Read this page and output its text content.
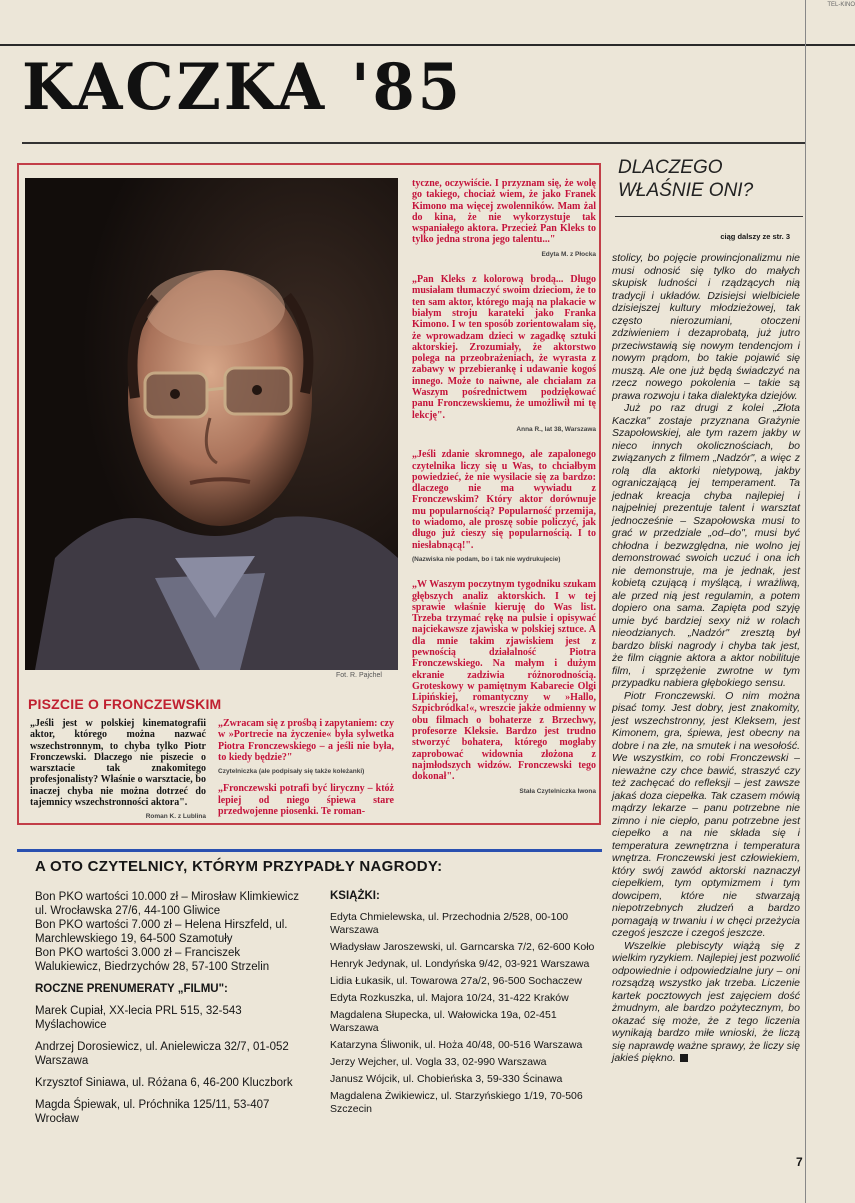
TEL-KINO
KACZKA '85
Fot. R. Pajchel
PISZCIE O FRONCZEWSKIM
„Jeśli jest w polskiej kinematografii aktor, którego można nazwać wszechstronnym, to chyba tylko Piotr Fronczewski. Dlaczego nie piszecie o warsztacie tak znakomitego profesjonalisty? Właśnie o warsztacie, bo inaczej chyba nie można dotrzeć do tajemnicy wszechstronności aktora".
Roman K. z Lublina
„Zwracam się z prośbą i zapytaniem: czy w »Portrecie na życzenie« była sylwetka Piotra Fronczewskiego – a jeśli nie była, to kiedy będzie?"
Czytelniczka (ale podpisały się także koleżanki)
„Fronczewski potrafi być liryczny – któż lepiej od niego śpiewa stare przedwojenne piosenki. Te roman-
tyczne, oczywiście. I przyznam się, że wolę go takiego, chociaż wiem, że jako Franek Kimono ma więcej zwolenników. Mam żal do kina, że nie wykorzystuje tak wspaniałego aktora. Przecież Pan Kleks to tylko jedna strona jego talentu..."
Edyta M. z Płocka
„Pan Kleks z kolorową brodą... Długo musiałam tłumaczyć swoim dzieciom, że to ten sam aktor, którego mają na plakacie w białym stroju karateki jako Franka Kimono. I w ten sposób zorientowałam się, że wprowadzam dzieci w zagadkę sztuki aktorskiej. Zrozumiały, że aktorstwo polega na przeobrażeniach, że wyrasta z zabawy w przebierankę i udawanie kogoś innego. Może to naiwne, ale chciałam za Waszym pośrednictwem podziękować panu Fronczewskiemu, że umożliwił mi tę lekcję".
Anna R., lat 38, Warszawa
„Jeśli zdanie skromnego, ale zapalonego czytelnika liczy się u Was, to chciałbym powiedzieć, że nie wysilacie się za bardzo: dlaczego nie ma wywiadu z Fronczewskim? Który aktor dorównuje mu popularnością? Popularność przemija, to wiadomo, ale proszę sobie policzyć, jak długo już cieszy się popularnością. I to niesłabnącą!".
(Nazwiska nie podam, bo i tak nie wydrukujecie)
„W Waszym poczytnym tygodniku szukam głębszych analiz aktorskich. I w tej sprawie właśnie kieruję do Was list. Trzeba trzymać rękę na pulsie i opisywać najciekawsze zjawiska w polskiej sztuce. A dla mnie takim zjawiskiem jest z pewnością działalność Piotra Fronczewskiego. Na małym i dużym ekranie zadziwia różnorodnością. Groteskowy w pamiętnym Kabarecie Olgi Lipińskiej, romantyczny w »Hallo, Szpicbródka!«, wreszcie jakże odmienny w obu filmach o bohaterze z Brzechwy, profesorze Kleksie. Bardzo jest trudno stworzyć bohatera, którego mogłaby zaprobować widownia złożona z najmłodszych widzów. Fronczewski tego dokonał".
Stała Czytelniczka Iwona
A OTO CZYTELNICY, KTÓRYM PRZYPADŁY NAGRODY:
Bon PKO wartości 10.000 zł – Mirosław Klimkiewicz ul. Wrocławska 27/6, 44-100 Gliwice
Bon PKO wartości 7.000 zł – Helena Hirszfeld, ul. Marchlewskiego 19, 64-500 Szamotuły
Bon PKO wartości 3.000 zł – Franciszek Walukiewicz, Biedrzychów 28, 57-100 Strzelin
ROCZNE PRENUMERATY „FILMU":
Marek Cupiał, XX-lecia PRL 515, 32-543 Myślachowice
Andrzej Dorosiewicz, ul. Anielewicza 32/7, 01-052 Warszawa
Krzysztof Siniawa, ul. Różana 6, 46-200 Kluczbork
Magda Śpiewak, ul. Próchnika 125/11, 53-407 Wrocław
KSIĄŻKI:
Edyta Chmielewska, ul. Przechodnia 2/528, 00-100 Warszawa
Władysław Jaroszewski, ul. Garncarska 7/2, 62-600 Koło
Henryk Jedynak, ul. Londyńska 9/42, 03-921 Warszawa
Lidia Łukasik, ul. Towarowa 27a/2, 96-500 Sochaczew
Edyta Rozkuszka, ul. Majora 10/24, 31-422 Kraków
Magdalena Słupecka, ul. Wałowicka 19a, 02-451 Warszawa
Katarzyna Śliwonik, ul. Hoża 40/48, 00-516 Warszawa
Jerzy Wejcher, ul. Vogla 33, 02-990 Warszawa
Janusz Wójcik, ul. Chobieńska 3, 59-330 Ścinawa
Magdalena Żwikiewicz, ul. Starzyńskiego 1/19, 70-506 Szczecin
DLACZEGO
WŁAŚNIE ONI?
ciąg dalszy ze str. 3

stolicy, bo pojęcie prowincjonalizmu nie musi odnosić się tylko do małych skupisk ludności i rządzących nią tradycji i układów. Dzisiejsi wielbiciele dzisiejszej kultury młodzieżowej, tak często nierozumiani, otoczeni zdziwieniem i dezaprobatą, już jutro przeciwstawią się nowym tendencjom i nowym prądom, bo takie pojawić się muszą. Ale one już będą świadczyć na rzecz nowego pokolenia – takie są prawa rozwoju i taka dialektyka dziejów.

Już po raz drugi z kolei „Złota Kaczka" zostaje przyznana Grażynie Szapołowskiej, ale tym razem jakby w nieco innych okolicznościach, bo związanych z filmem „Nadzór", a więc z rolą dla aktorki nietypową, jakby ograniczającą jej temperament. Ta jednak kreacja chyba najlepiej i najpełniej prezentuje talent i warsztat jednocześnie – Szapołowska musi to grać w przedziale „od–do", musi być chłodna i bezwzględna, nie wolno jej demonstrować swoich uczuć i ona ich nie demonstruje, ma je jednak, jest kobietą czującą i myślącą, i wrażliwą, ale przed nią jest regulamin, a potem dopiero ona sama. Zapięta pod szyję umie być bardziej sexy niż w rolach nieodzianych. „Nadzór" zresztą był bardzo bliski nagrody i chyba tak jest, że film ciągnie aktora a aktor nobilituje film, i sprzężenie zwrotne w tym przypadku nabiera głębokiego sensu.

Piotr Fronczewski. O nim można pisać tomy. Jest dobry, jest znakomity, jest wszechstronny, jest Kleksem, jest Kimonem, gra, śpiewa, jest obecny na dobre i na złe, na smutek i na wesołość. We wszystkim, co robi Fronczewski – nieważne czy chce bawić, straszyć czy też zachęcać do refleksji – jest zawsze jakaś doza ciepełka. Tak czasem mówią mądrzy lekarze – panu potrzebne nie zimno i nie ciepło, panu potrzebne jest ciepełko a na nie składa się i temperatura zewnętrzna i temperatura wnętrza. Fronczewski jest człowiekiem, który swój zawód aktorski naznaczył ciepełkiem, tym optymizmem i tym dowcipem, które nie stwarzają niepotrzebnych złudzeń a bardzo pomagają w trwaniu i w chęci przeżycia czegoś jeszcze i czegoś jeszcze.

Wszelkie plebiscyty wiążą się z wielkim ryzykiem. Najlepiej jest pozwolić odpowiednie i odpowiedzialne jury – oni rozsądzą wszystko jak trzeba. Liczenie kartek pocztowych jest zajęciem dość żmudnym, ale bardzo pożytecznym, bo okazać się może, że z tego liczenia wynikają bardzo miłe wnioski, że liczą się naprawdę ważne sprawy, że liczy się jakieś piękno.

7
